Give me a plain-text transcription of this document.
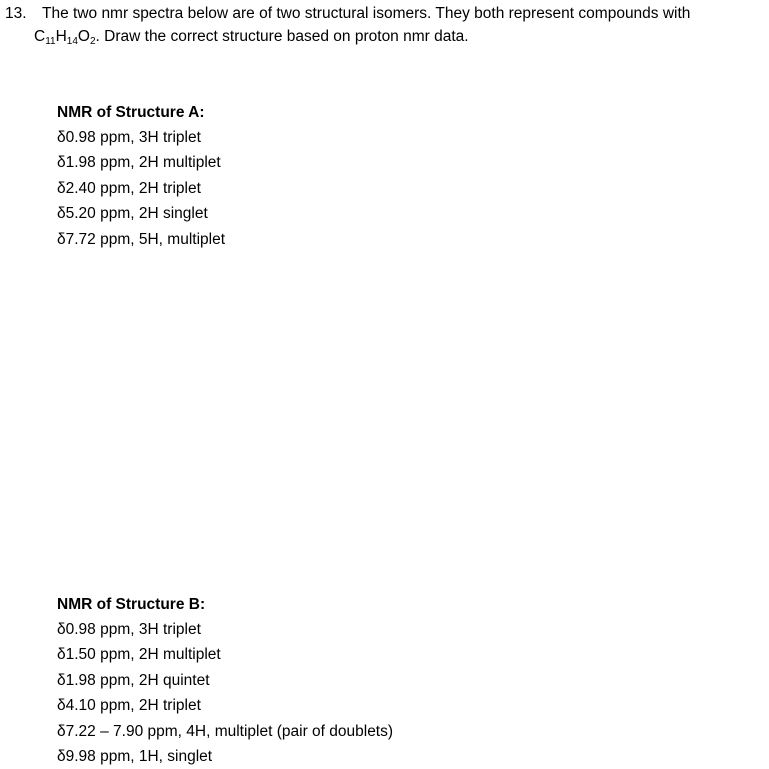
13. The two nmr spectra below are of two structural isomers. They both represent compounds with
$C_{11}H_{14}O_2$. Draw the correct structure based on proton nmr data.
NMR of Structure A:
δ0.98 ppm, 3H triplet
δ1.98 ppm, 2H multiplet
δ2.40 ppm, 2H triplet
δ5.20 ppm, 2H singlet
δ7.72 ppm, 5H, multiplet
NMR of Structure B:
δ0.98 ppm, 3H triplet
δ1.50 ppm, 2H multiplet
δ1.98 ppm, 2H quintet
δ4.10 ppm, 2H triplet
δ7.22 – 7.90 ppm, 4H, multiplet (pair of doublets)
δ9.98 ppm, 1H, singlet
